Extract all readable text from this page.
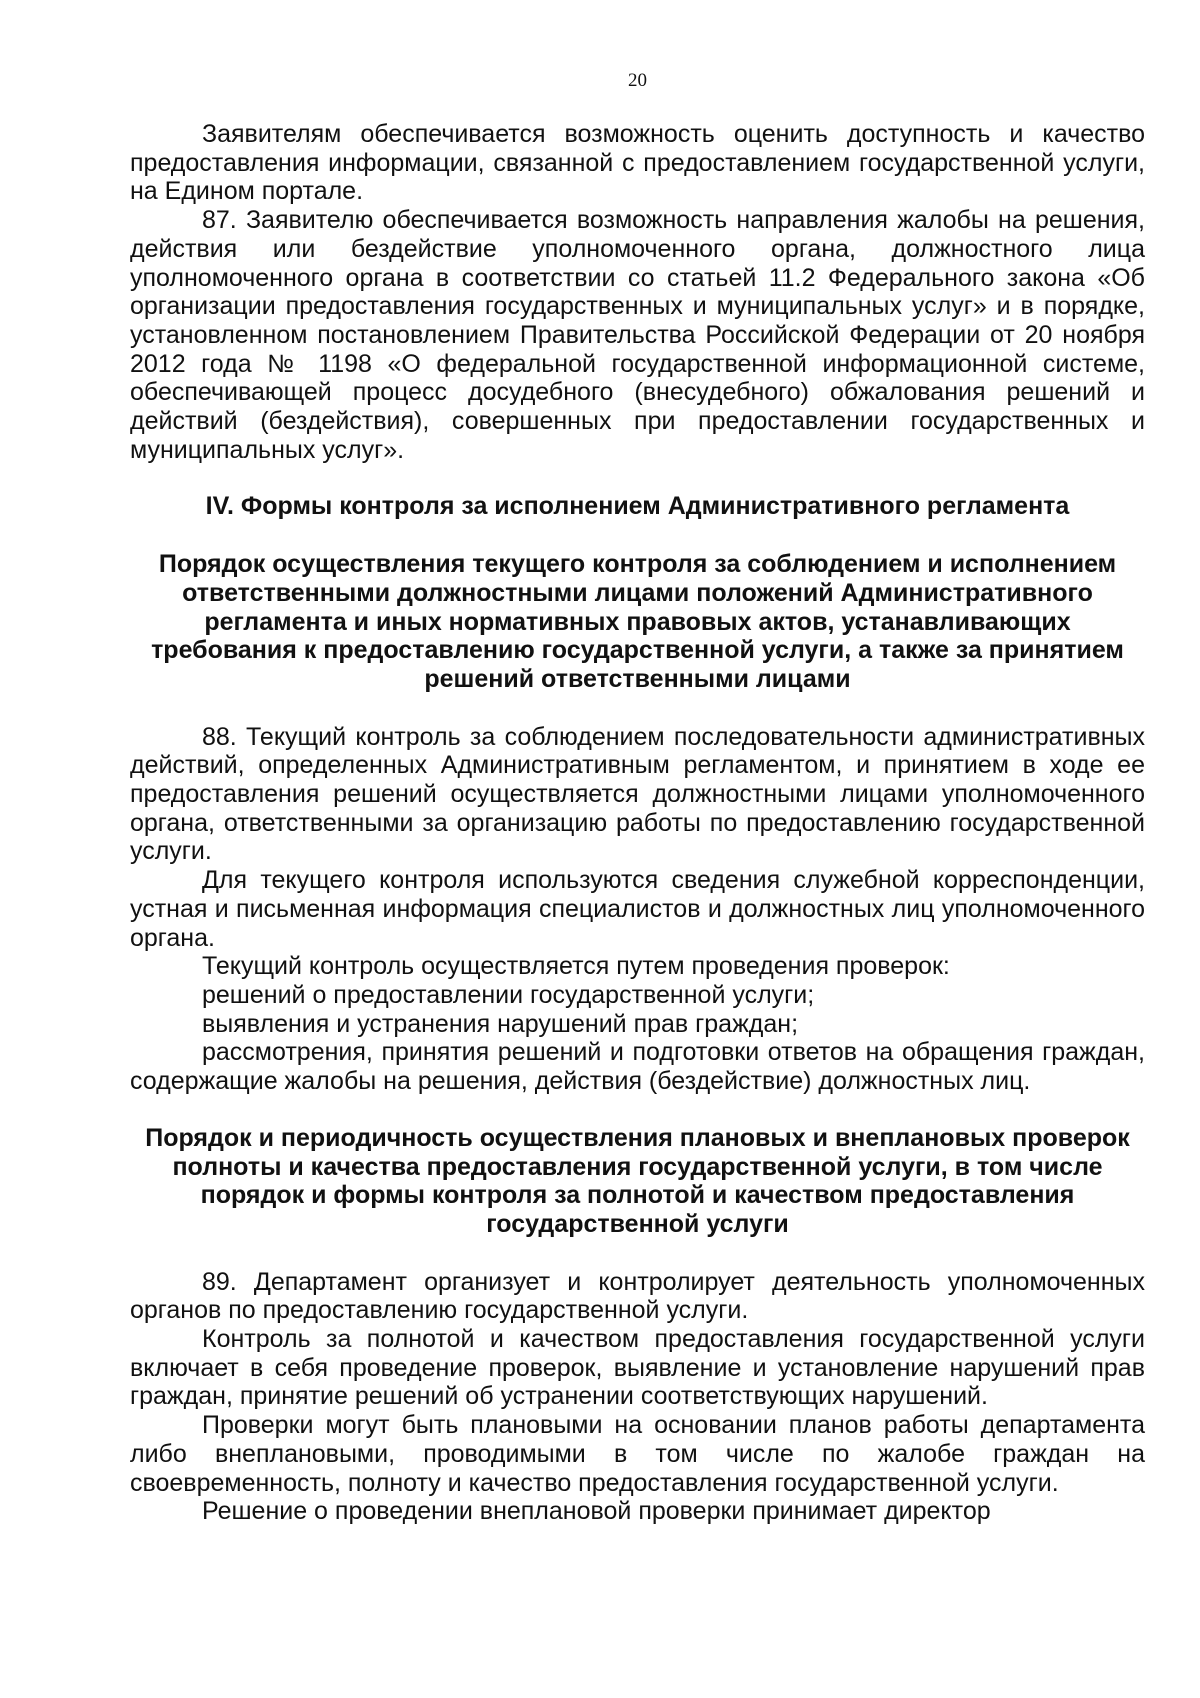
20

Заявителям обеспечивается возможность оценить доступность и качество предоставления информации, связанной с предоставлением государственной услуги, на Едином портале.

87. Заявителю обеспечивается возможность направления жалобы на решения, действия или бездействие уполномоченного органа, должностного лица уполномоченного органа в соответствии со статьей 11.2 Федерального закона «Об организации предоставления государственных и муниципальных услуг» и в порядке, установленном постановлением Правительства Российской Федерации от 20 ноября 2012 года № 1198 «О федеральной государственной информационной системе, обеспечивающей процесс досудебного (внесудебного) обжалования решений и действий (бездействия), совершенных при предоставлении государственных и муниципальных услуг».

IV. Формы контроля за исполнением Административного регламента

Порядок осуществления текущего контроля за соблюдением и исполнением ответственными должностными лицами положений Административного регламента и иных нормативных правовых актов, устанавливающих требования к предоставлению государственной услуги, а также за принятием решений ответственными лицами

88. Текущий контроль за соблюдением последовательности административных действий, определенных Административным регламентом, и принятием в ходе ее предоставления решений осуществляется должностными лицами уполномоченного органа, ответственными за организацию работы по предоставлению государственной услуги.

Для текущего контроля используются сведения служебной корреспонденции, устная и письменная информация специалистов и должностных лиц уполномоченного органа.

Текущий контроль осуществляется путем проведения проверок:

решений о предоставлении государственной услуги;

выявления и устранения нарушений прав граждан;

рассмотрения, принятия решений и подготовки ответов на обращения граждан, содержащие жалобы на решения, действия (бездействие) должностных лиц.

Порядок и периодичность осуществления плановых и внеплановых проверок полноты и качества предоставления государственной услуги, в том числе порядок и формы контроля за полнотой и качеством предоставления государственной услуги

89. Департамент организует и контролирует деятельность уполномоченных органов по предоставлению государственной услуги.

Контроль за полнотой и качеством предоставления государственной услуги включает в себя проведение проверок, выявление и установление нарушений прав граждан, принятие решений об устранении соответствующих нарушений.

Проверки могут быть плановыми на основании планов работы департамента либо внеплановыми, проводимыми в том числе по жалобе граждан на своевременность, полноту и качество предоставления государственной услуги.

Решение о проведении внеплановой проверки принимает директор
